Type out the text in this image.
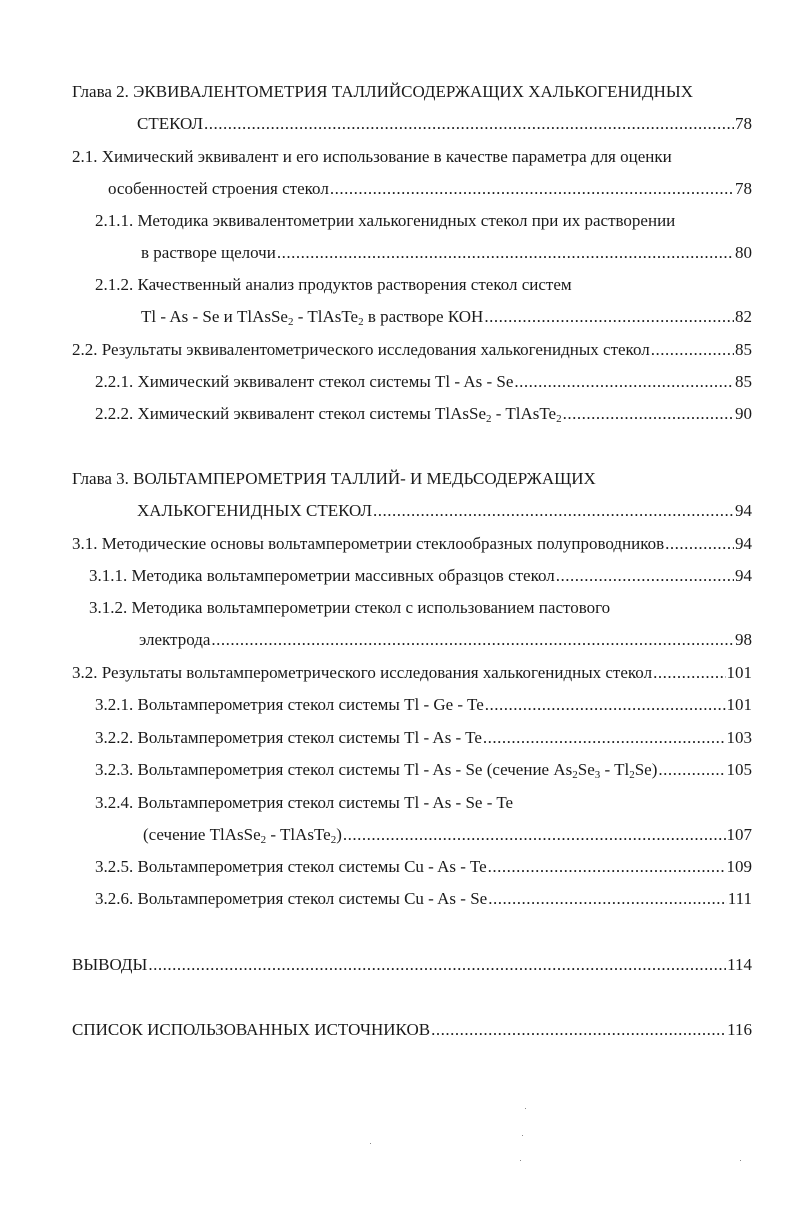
Глава 2. ЭКВИВАЛЕНТОМЕТРИЯ ТАЛЛИЙСОДЕРЖАЩИХ ХАЛЬКОГЕНИДНЫХ
СТЕКОЛ .....	78
2.1. Химический эквивалент и его использование в качестве параметра для оценки
особенностей строения стекол .....	78
2.1.1. Методика эквивалентометрии халькогенидных стекол при их растворении
в растворе щелочи .....	80
2.1.2. Качественный анализ продуктов растворения стекол систем
Tl - As - Se и TlAsSe$_2$ - TlAsTe$_2$ в растворе КОН .....	82
2.2. Результаты эквивалентометрического исследования халькогенидных стекол .....	85
2.2.1. Химический эквивалент стекол системы Tl - As - Se .....	85
2.2.2. Химический эквивалент стекол системы TlAsSe$_2$ - TlAsTe$_2$ .....	90
Глава 3. ВОЛЬТАМПЕРОМЕТРИЯ ТАЛЛИЙ- И МЕДЬСОДЕРЖАЩИХ
ХАЛЬКОГЕНИДНЫХ СТЕКОЛ .....	94
3.1. Методические основы вольтамперометрии стеклообразных полупроводников .....	94
3.1.1. Методика вольтамперометрии массивных образцов стекол .....	94
3.1.2. Методика вольтамперометрии стекол с использованием пастового
электрода .....	98
3.2. Результаты вольтамперометрического исследования халькогенидных стекол .....	101
3.2.1. Вольтамперометрия стекол системы Tl - Ge - Te .....	101
3.2.2. Вольтамперометрия стекол системы Tl - As - Te .....	103
3.2.3. Вольтамперометрия стекол системы Tl - As - Se (сечение $As_2Se_3 - Tl_2Se$) .....	105
3.2.4. Вольтамперометрия стекол системы Tl - As - Se - Te
(сечение TlAsSe$_2$ - TlAsTe$_2$) .....	107
3.2.5. Вольтамперометрия стекол системы Cu - As - Te .....	109
3.2.6. Вольтамперометрия стекол системы Cu - As - Se .....	111
ВЫВОДЫ .....	114
СПИСОК ИСПОЛЬЗОВАННЫХ ИСТОЧНИКОВ .....	116
